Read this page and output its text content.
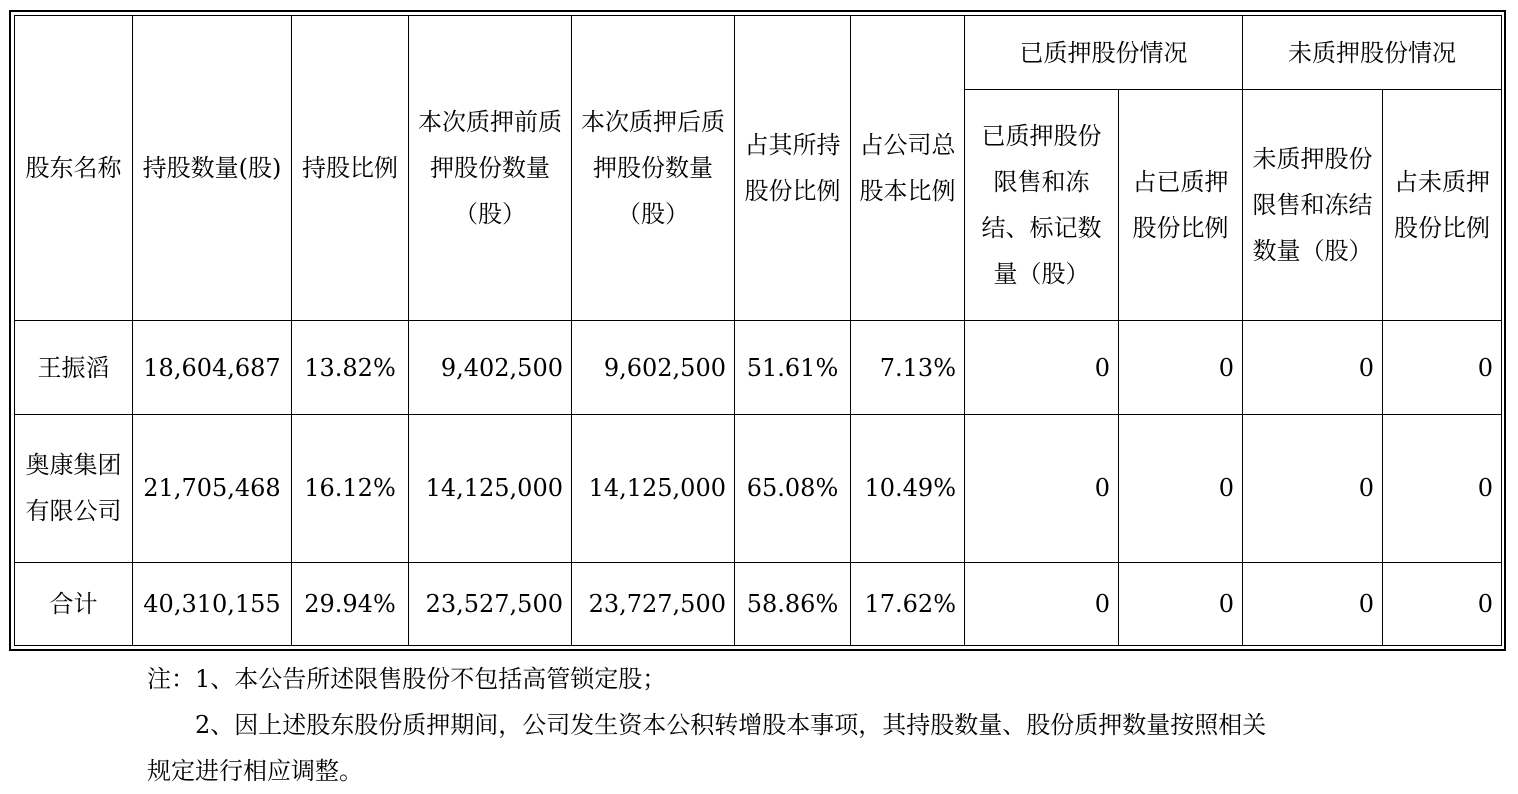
股东名称	持股数量(股)	持股比例	本次质押前质押股份数量（股）	本次质押后质押股份数量（股）	占其所持股份比例	占公司总股本比例	已质押股份情况		未质押股份情况	
							已质押股份限售和冻结、标记数量（股）	占已质押股份比例	未质押股份限售和冻结数量（股）	占未质押股份比例
王振滔	18,604,687	13.82%	9,402,500	9,602,500	51.61%	7.13%	0	0	0	0
奥康集团有限公司	21,705,468	16.12%	14,125,000	14,125,000	65.08%	10.49%	0	0	0	0
合计	40,310,155	29.94%	23,527,500	23,727,500	58.86%	17.62%	0	0	0	0
注：1、本公告所述限售股份不包括高管锁定股；
2、因上述股东股份质押期间，公司发生资本公积转增股本事项，其持股数量、股份质押数量按照相关
规定进行相应调整。
